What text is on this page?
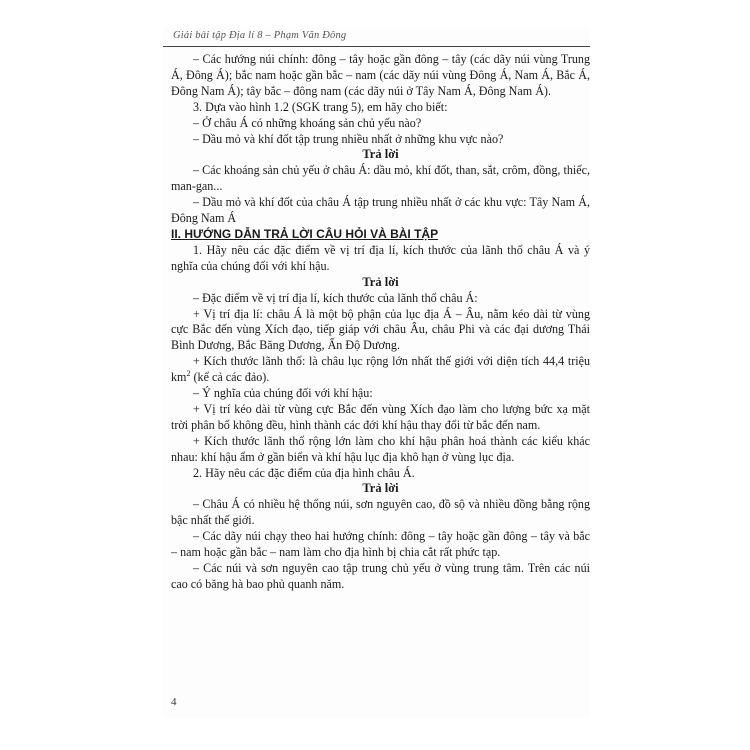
Giải bài tập Địa lí 8 – Phạm Văn Đông

– Các hướng núi chính: đông – tây hoặc gần đông – tây (các dãy núi vùng Trung Á, Đông Á); bắc nam hoặc gần bắc – nam (các dãy núi vùng Đông Á, Nam Á, Bắc Á, Đông Nam Á); tây bắc – đông nam (các dãy núi ở Tây Nam Á, Đông Nam Á).

3. Dựa vào hình 1.2 (SGK trang 5), em hãy cho biết:

– Ở châu Á có những khoáng sản chủ yếu nào?

– Dầu mỏ và khí đốt tập trung nhiều nhất ở những khu vực nào?

Trả lời

– Các khoáng sản chủ yếu ở châu Á: dầu mỏ, khí đốt, than, sắt, crôm, đồng, thiếc, man-gan...

– Dầu mỏ và khí đốt của châu Á tập trung nhiều nhất ở các khu vực: Tây Nam Á, Đông Nam Á

II. HƯỚNG DẪN TRẢ LỜI CÂU HỎI VÀ BÀI TẬP

1. Hãy nêu các đặc điểm về vị trí địa lí, kích thước của lãnh thổ châu Á và ý nghĩa của chúng đối với khí hậu.

Trả lời

– Đặc điểm về vị trí địa lí, kích thước của lãnh thổ châu Á:

+ Vị trí địa lí: châu Á là một bộ phận của lục địa Á – Âu, nằm kéo dài từ vùng cực Bắc đến vùng Xích đạo, tiếp giáp với châu Âu, châu Phi và các đại dương Thái Bình Dương, Bắc Băng Dương, Ấn Độ Dương.

+ Kích thước lãnh thổ: là châu lục rộng lớn nhất thế giới với diện tích 44,4 triệu $km^2$ (kể cả các đảo).

– Ý nghĩa của chúng đối với khí hậu:

+ Vị trí kéo dài từ vùng cực Bắc đến vùng Xích đạo làm cho lượng bức xạ mặt trời phân bố không đều, hình thành các đới khí hậu thay đổi từ bắc đến nam.

+ Kích thước lãnh thổ rộng lớn làm cho khí hậu phân hoá thành các kiểu khác nhau: khí hậu ẩm ở gần biển và khí hậu lục địa khô hạn ở vùng lục địa.

2. Hãy nêu các đặc điểm của địa hình châu Á.

Trả lời

– Châu Á có nhiều hệ thống núi, sơn nguyên cao, đồ sộ và nhiều đồng bằng rộng bậc nhất thế giới.

– Các dãy núi chạy theo hai hướng chính: đông – tây hoặc gần đông – tây và bắc – nam hoặc gần bắc – nam làm cho địa hình bị chia cắt rất phức tạp.

– Các núi và sơn nguyên cao tập trung chủ yếu ở vùng trung tâm. Trên các núi cao có băng hà bao phủ quanh năm.

4
